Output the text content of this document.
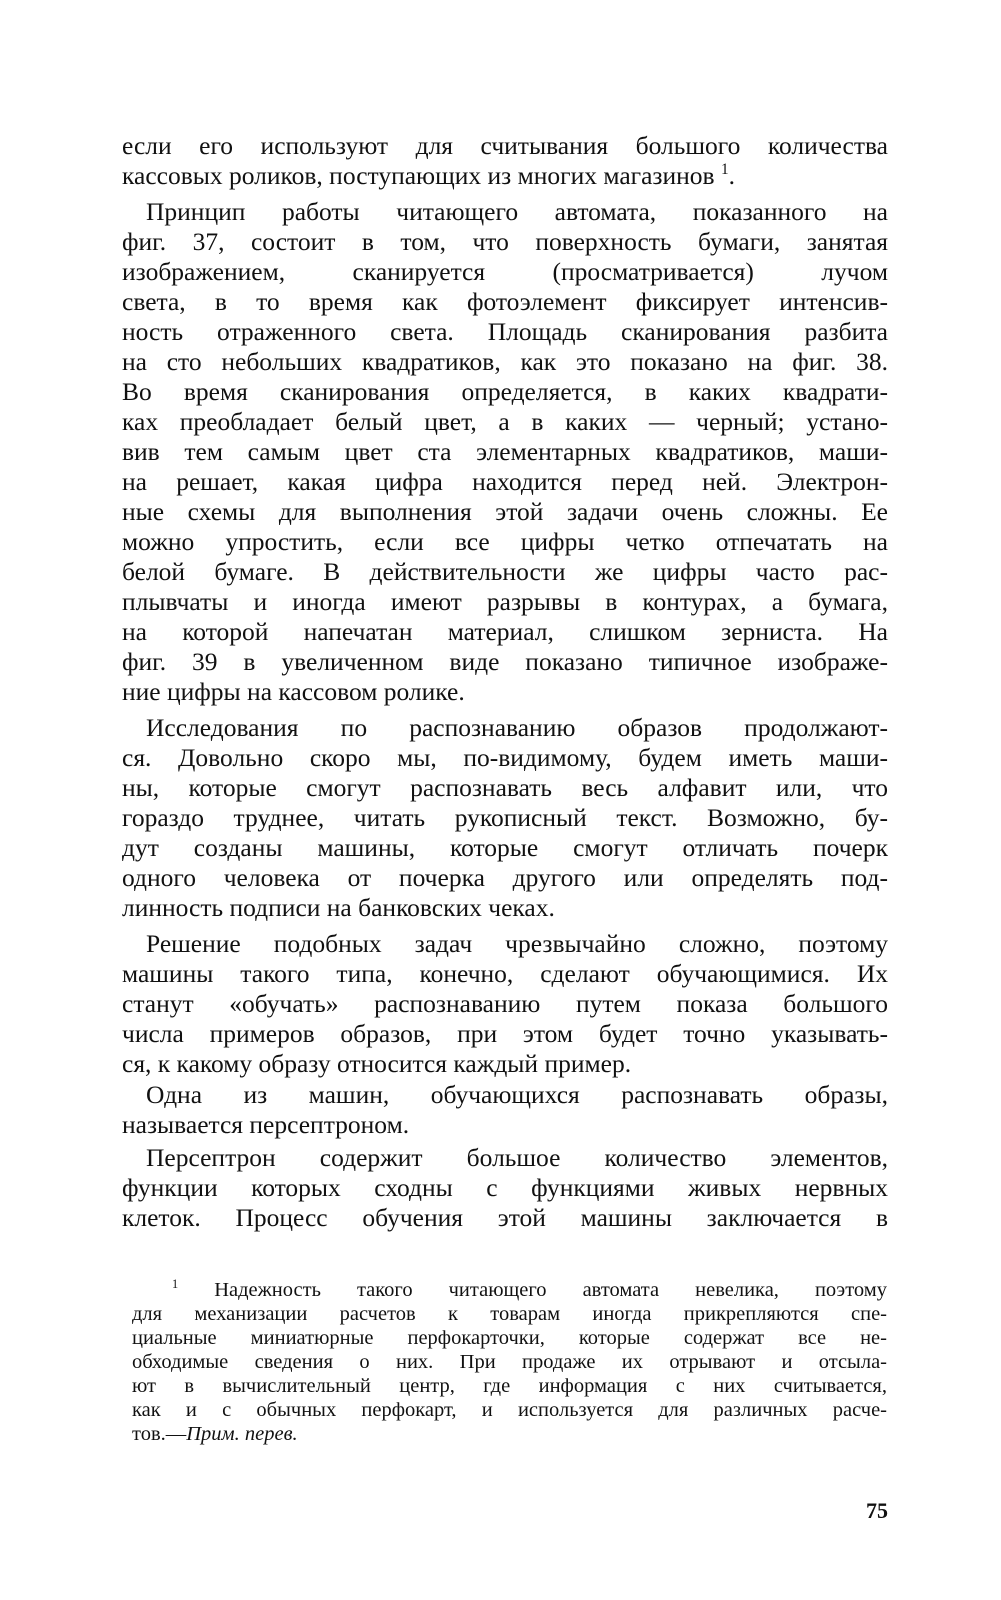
если его используют для считывания большого количества

кассовых роликов, поступающих из многих магазинов $^1$.

Принцип работы читающего автомата, показанного на

фиг. 37, состоит в том, что поверхность бумаги, занятая

изображением, сканируется (просматривается) лучом

света, в то время как фотоэлемент фиксирует интенсив-

ность отраженного света. Площадь сканирования разбита

на сто небольших квадратиков, как это показано на фиг. 38.

Во время сканирования определяется, в каких квадрати-

ках преобладает белый цвет, а в каких — черный; устано-

вив тем самым цвет ста элементарных квадратиков, маши-

на решает, какая цифра находится перед ней. Электрон-

ные схемы для выполнения этой задачи очень сложны. Ее

можно упростить, если все цифры четко отпечатать на

белой бумаге. В действительности же цифры часто рас-

плывчаты и иногда имеют разрывы в контурах, а бумага,

на которой напечатан материал, слишком зерниста. На

фиг. 39 в увеличенном виде показано типичное изображе-

ние цифры на кассовом ролике.

Исследования по распознаванию образов продолжают-

ся. Довольно скоро мы, по-видимому, будем иметь маши-

ны, которые смогут распознавать весь алфавит или, что

гораздо труднее, читать рукописный текст. Возможно, бу-

дут созданы машины, которые смогут отличать почерк

одного человека от почерка другого или определять под-

линность подписи на банковских чеках.

Решение подобных задач чрезвычайно сложно, поэтому

машины такого типа, конечно, сделают обучающимися. Их

станут «обучать» распознаванию путем показа большого

числа примеров образов, при этом будет точно указывать-

ся, к какому образу относится каждый пример.

Одна из машин, обучающихся распознавать образы,

называется персептроном.

Персептрон содержит большое количество элементов,

функции которых сходны с функциями живых нервных

клеток. Процесс обучения этой машины заключается в

$^1$ Надежность такого читающего автомата невелика, поэтому

для механизации расчетов к товарам иногда прикрепляются спе-

циальные миниатюрные перфокарточки, которые содержат все не-

обходимые сведения о них. При продаже их отрывают и отсыла-

ют в вычислительный центр, где информация с них считывается,

как и с обычных перфокарт, и используется для различных расче-

тов.—Прим. перев.

75
